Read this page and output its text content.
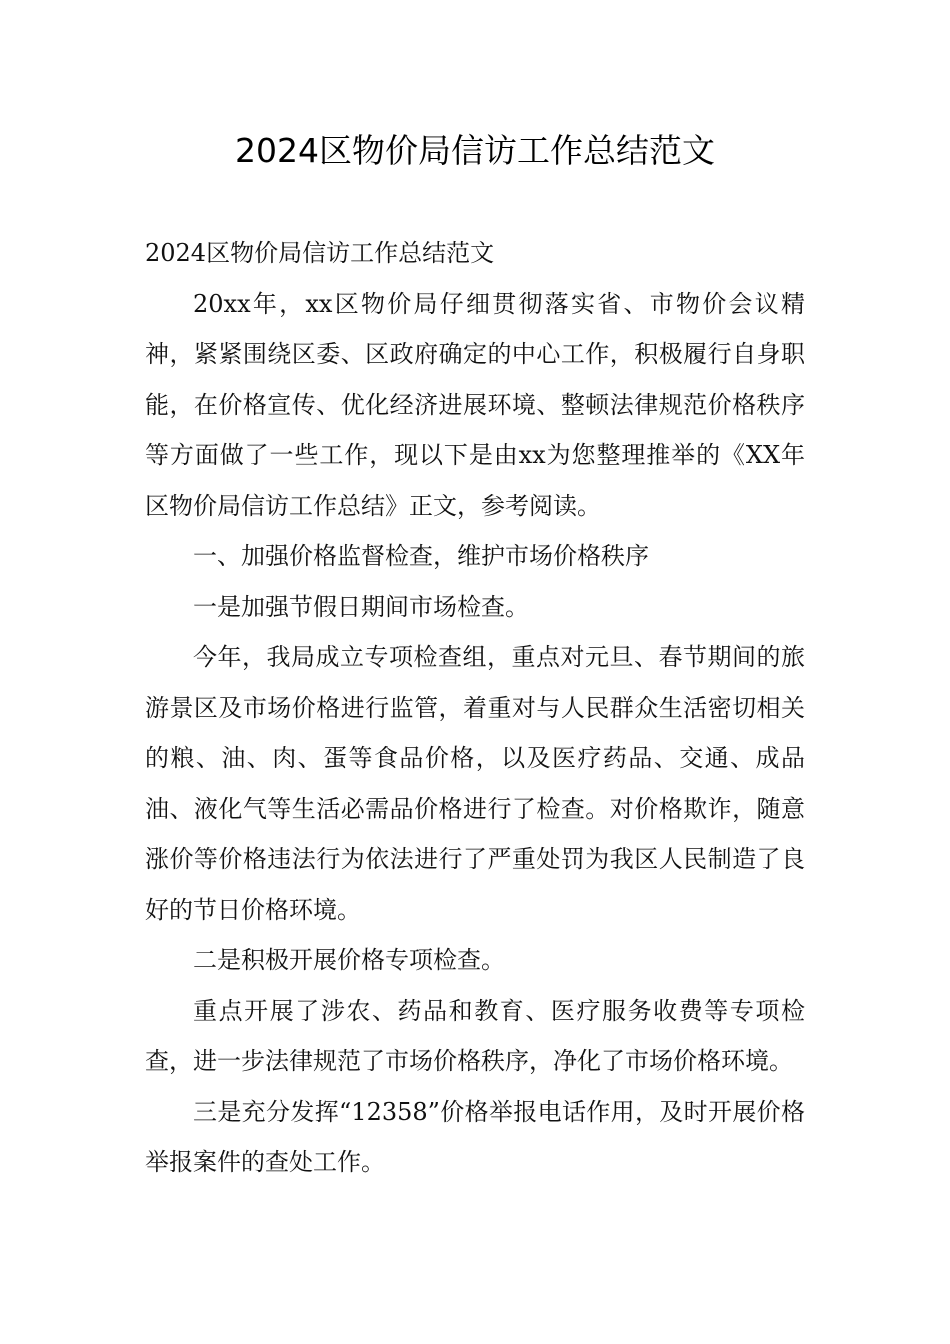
2024区物价局信访工作总结范文

2024区物价局信访工作总结范文

20xx年，xx区物价局仔细贯彻落实省、市物价会议精神，紧紧围绕区委、区政府确定的中心工作，积极履行自身职能，在价格宣传、优化经济进展环境、整顿法律规范价格秩序等方面做了一些工作，现以下是由xx为您整理推举的《XX年区物价局信访工作总结》正文，参考阅读。

一、加强价格监督检查，维护市场价格秩序

一是加强节假日期间市场检查。

今年，我局成立专项检查组，重点对元旦、春节期间的旅游景区及市场价格进行监管，着重对与人民群众生活密切相关的粮、油、肉、蛋等食品价格，以及医疗药品、交通、成品油、液化气等生活必需品价格进行了检查。对价格欺诈，随意涨价等价格违法行为依法进行了严重处罚为我区人民制造了良好的节日价格环境。

二是积极开展价格专项检查。

重点开展了涉农、药品和教育、医疗服务收费等专项检查，进一步法律规范了市场价格秩序，净化了市场价格环境。

三是充分发挥“12358”价格举报电话作用，及时开展价格举报案件的查处工作。
